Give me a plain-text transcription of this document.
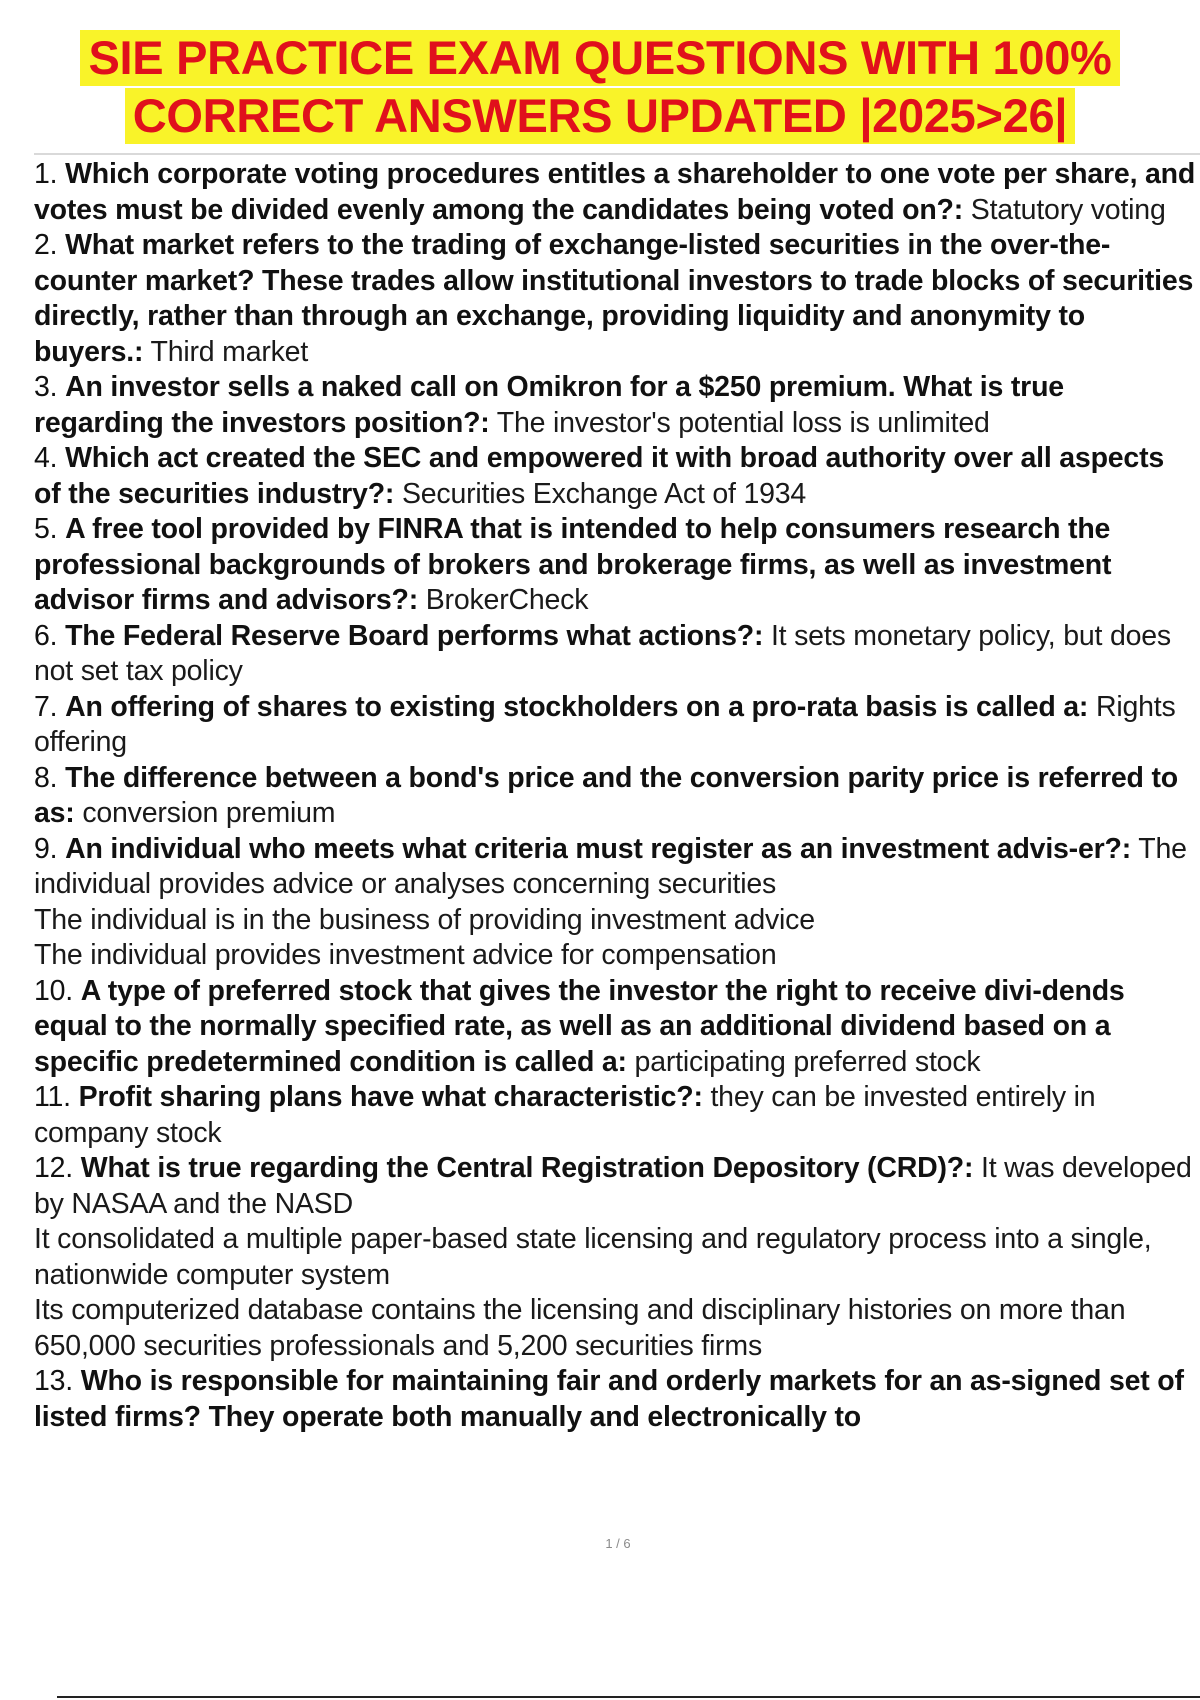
SIE PRACTICE EXAM QUESTIONS WITH 100%
CORRECT ANSWERS UPDATED |2025>26|

1. Which corporate voting procedures entitles a shareholder to one vote per share, and votes must be divided evenly among the candidates being voted on?: Statutory voting

2. What market refers to the trading of exchange-listed securities in the over-the-counter market? These trades allow institutional investors to trade blocks of securities directly, rather than through an exchange, providing liquidity and anonymity to buyers.: Third market

3. An investor sells a naked call on Omikron for a $250 premium. What is true regarding the investors position?: The investor's potential loss is unlimited

4. Which act created the SEC and empowered it with broad authority over all aspects of the securities industry?: Securities Exchange Act of 1934

5. A free tool provided by FINRA that is intended to help consumers research the professional backgrounds of brokers and brokerage firms, as well as investment advisor firms and advisors?: BrokerCheck

6. The Federal Reserve Board performs what actions?: It sets monetary policy, but does not set tax policy

7. An offering of shares to existing stockholders on a pro-rata basis is called a: Rights offering

8. The difference between a bond's price and the conversion parity price is referred to as: conversion premium

9. An individual who meets what criteria must register as an investment advis-er?: The individual provides advice or analyses concerning securities

The individual is in the business of providing investment advice

The individual provides investment advice for compensation

10. A type of preferred stock that gives the investor the right to receive divi-dends equal to the normally specified rate, as well as an additional dividend based on a specific predetermined condition is called a: participating preferred stock

11. Profit sharing plans have what characteristic?: they can be invested entirely in company stock

12. What is true regarding the Central Registration Depository (CRD)?: It was developed by NASAA and the NASD

It consolidated a multiple paper-based state licensing and regulatory process into a single, nationwide computer system

Its computerized database contains the licensing and disciplinary histories on more than 650,000 securities professionals and 5,200 securities firms

13. Who is responsible for maintaining fair and orderly markets for an as-signed set of listed firms? They operate both manually and electronically to

1 / 6
